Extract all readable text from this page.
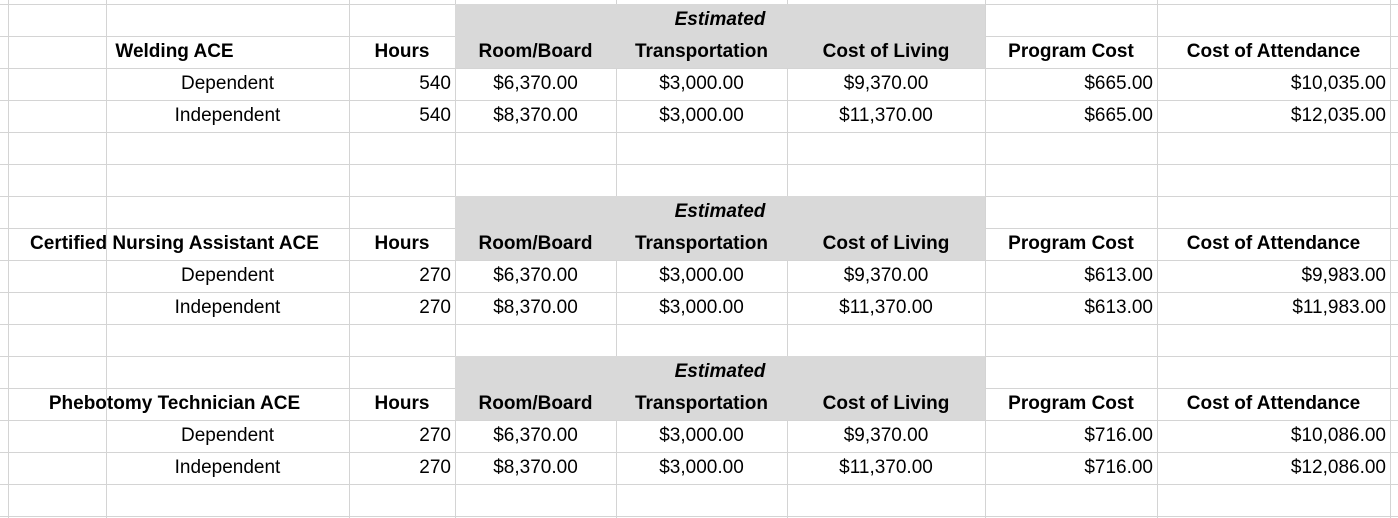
Estimated
Welding ACE	Hours	Room/Board	Transportation	Cost of Living	Program Cost	Cost of Attendance
Dependent	540	$6,370.00	$3,000.00	$9,370.00	$665.00	$10,035.00
Independent	540	$8,370.00	$3,000.00	$11,370.00	$665.00	$12,035.00
Estimated
Certified Nursing Assistant ACE	Hours	Room/Board	Transportation	Cost of Living	Program Cost	Cost of Attendance
Dependent	270	$6,370.00	$3,000.00	$9,370.00	$613.00	$9,983.00
Independent	270	$8,370.00	$3,000.00	$11,370.00	$613.00	$11,983.00
Estimated
Phebotomy Technician ACE	Hours	Room/Board	Transportation	Cost of Living	Program Cost	Cost of Attendance
Dependent	270	$6,370.00	$3,000.00	$9,370.00	$716.00	$10,086.00
Independent	270	$8,370.00	$3,000.00	$11,370.00	$716.00	$12,086.00
